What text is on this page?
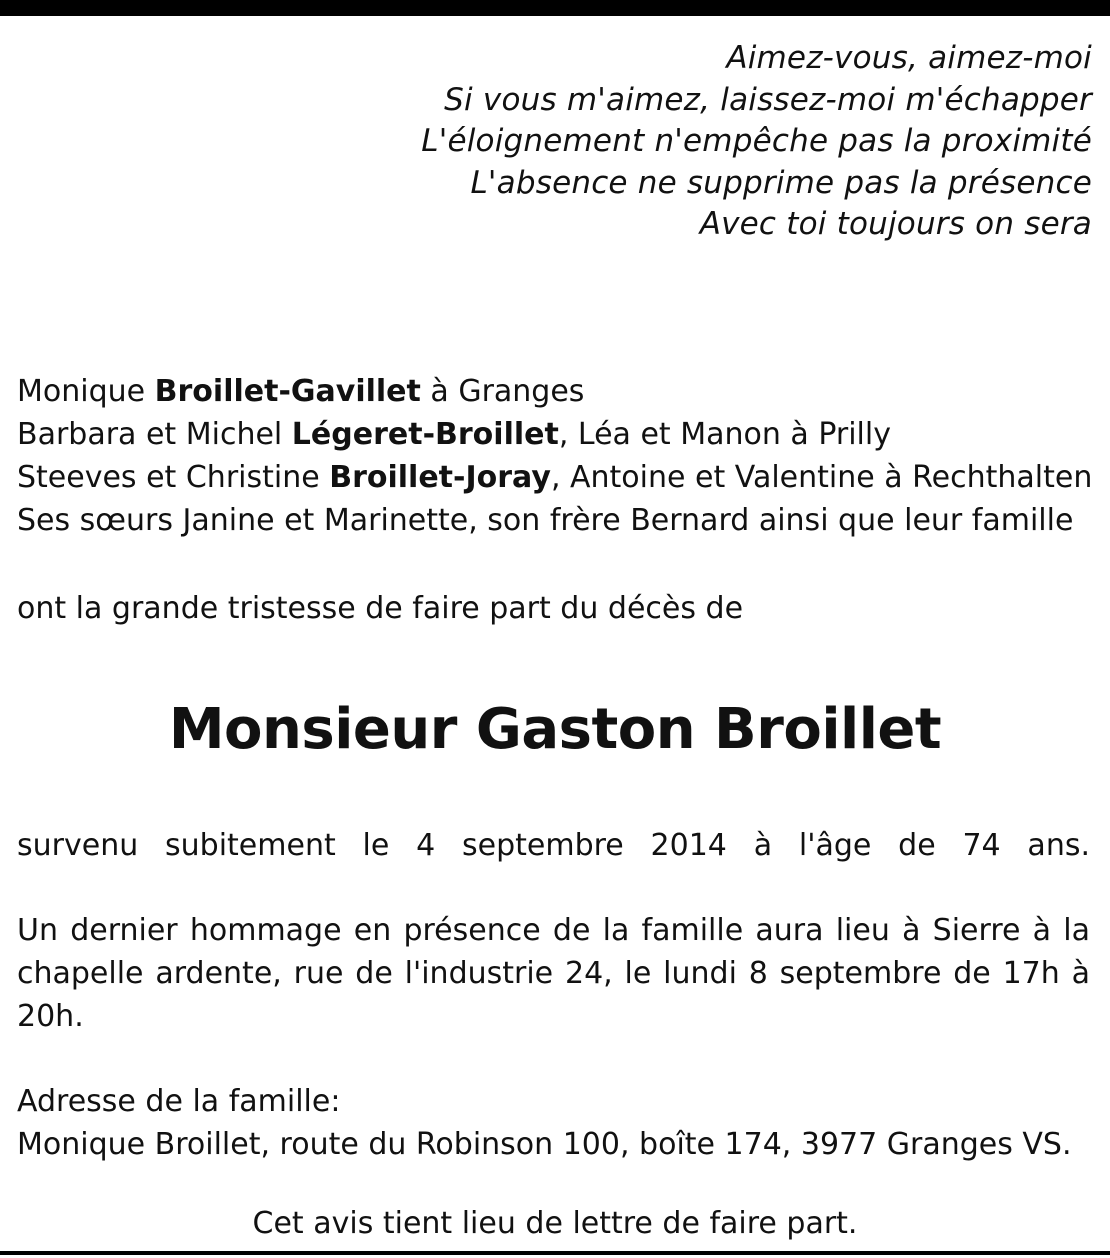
Aimez-vous, aimez-moi
Si vous m'aimez, laissez-moi m'échapper
L'éloignement n'empêche pas la proximité
L'absence ne supprime pas la présence
Avec toi toujours on sera
Monique Broillet-Gavillet à Granges
Barbara et Michel Légeret-Broillet, Léa et Manon à Prilly
Steeves et Christine Broillet-Joray, Antoine et Valentine à Rechthalten
Ses sœurs Janine et Marinette, son frère Bernard ainsi que leur famille
ont la grande tristesse de faire part du décès de
Monsieur Gaston Broillet
survenu subitement le 4 septembre 2014 à l'âge de 74 ans.
Un dernier hommage en présence de la famille aura lieu à Sierre à la chapelle ardente, rue de l'industrie 24, le lundi 8 septembre de 17h à 20h.
Adresse de la famille:
Monique Broillet, route du Robinson 100, boîte 174, 3977 Granges VS.
Cet avis tient lieu de lettre de faire part.
